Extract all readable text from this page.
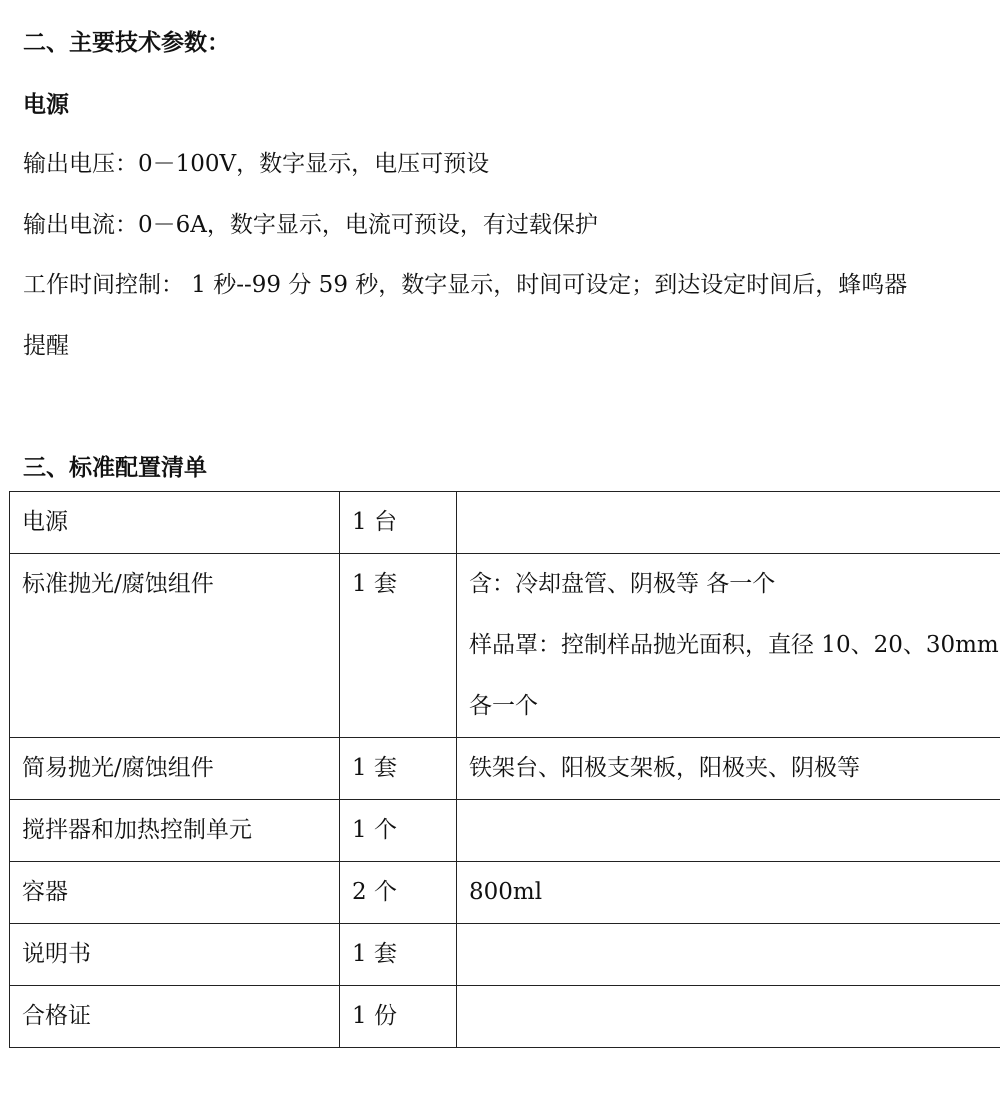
二、主要技术参数：
电源
输出电压：0－100V，数字显示，电压可预设
输出电流：0－6A，数字显示，电流可预设，有过载保护
工作时间控制： 1 秒--99 分 59 秒，数字显示，时间可设定；到达设定时间后，蜂鸣器
提醒
三、标准配置清单
电源	1 台	

标准抛光/腐蚀组件	1 套	含：冷却盘管、阴极等 各一个
样品罩：控制样品抛光面积，直径 10、20、30mm
各一个

简易抛光/腐蚀组件	1 套	铁架台、阳极支架板，阳极夹、阴极等

搅拌器和加热控制单元	1 个	

容器	2 个	800ml

说明书	1 套	

合格证	1 份	
